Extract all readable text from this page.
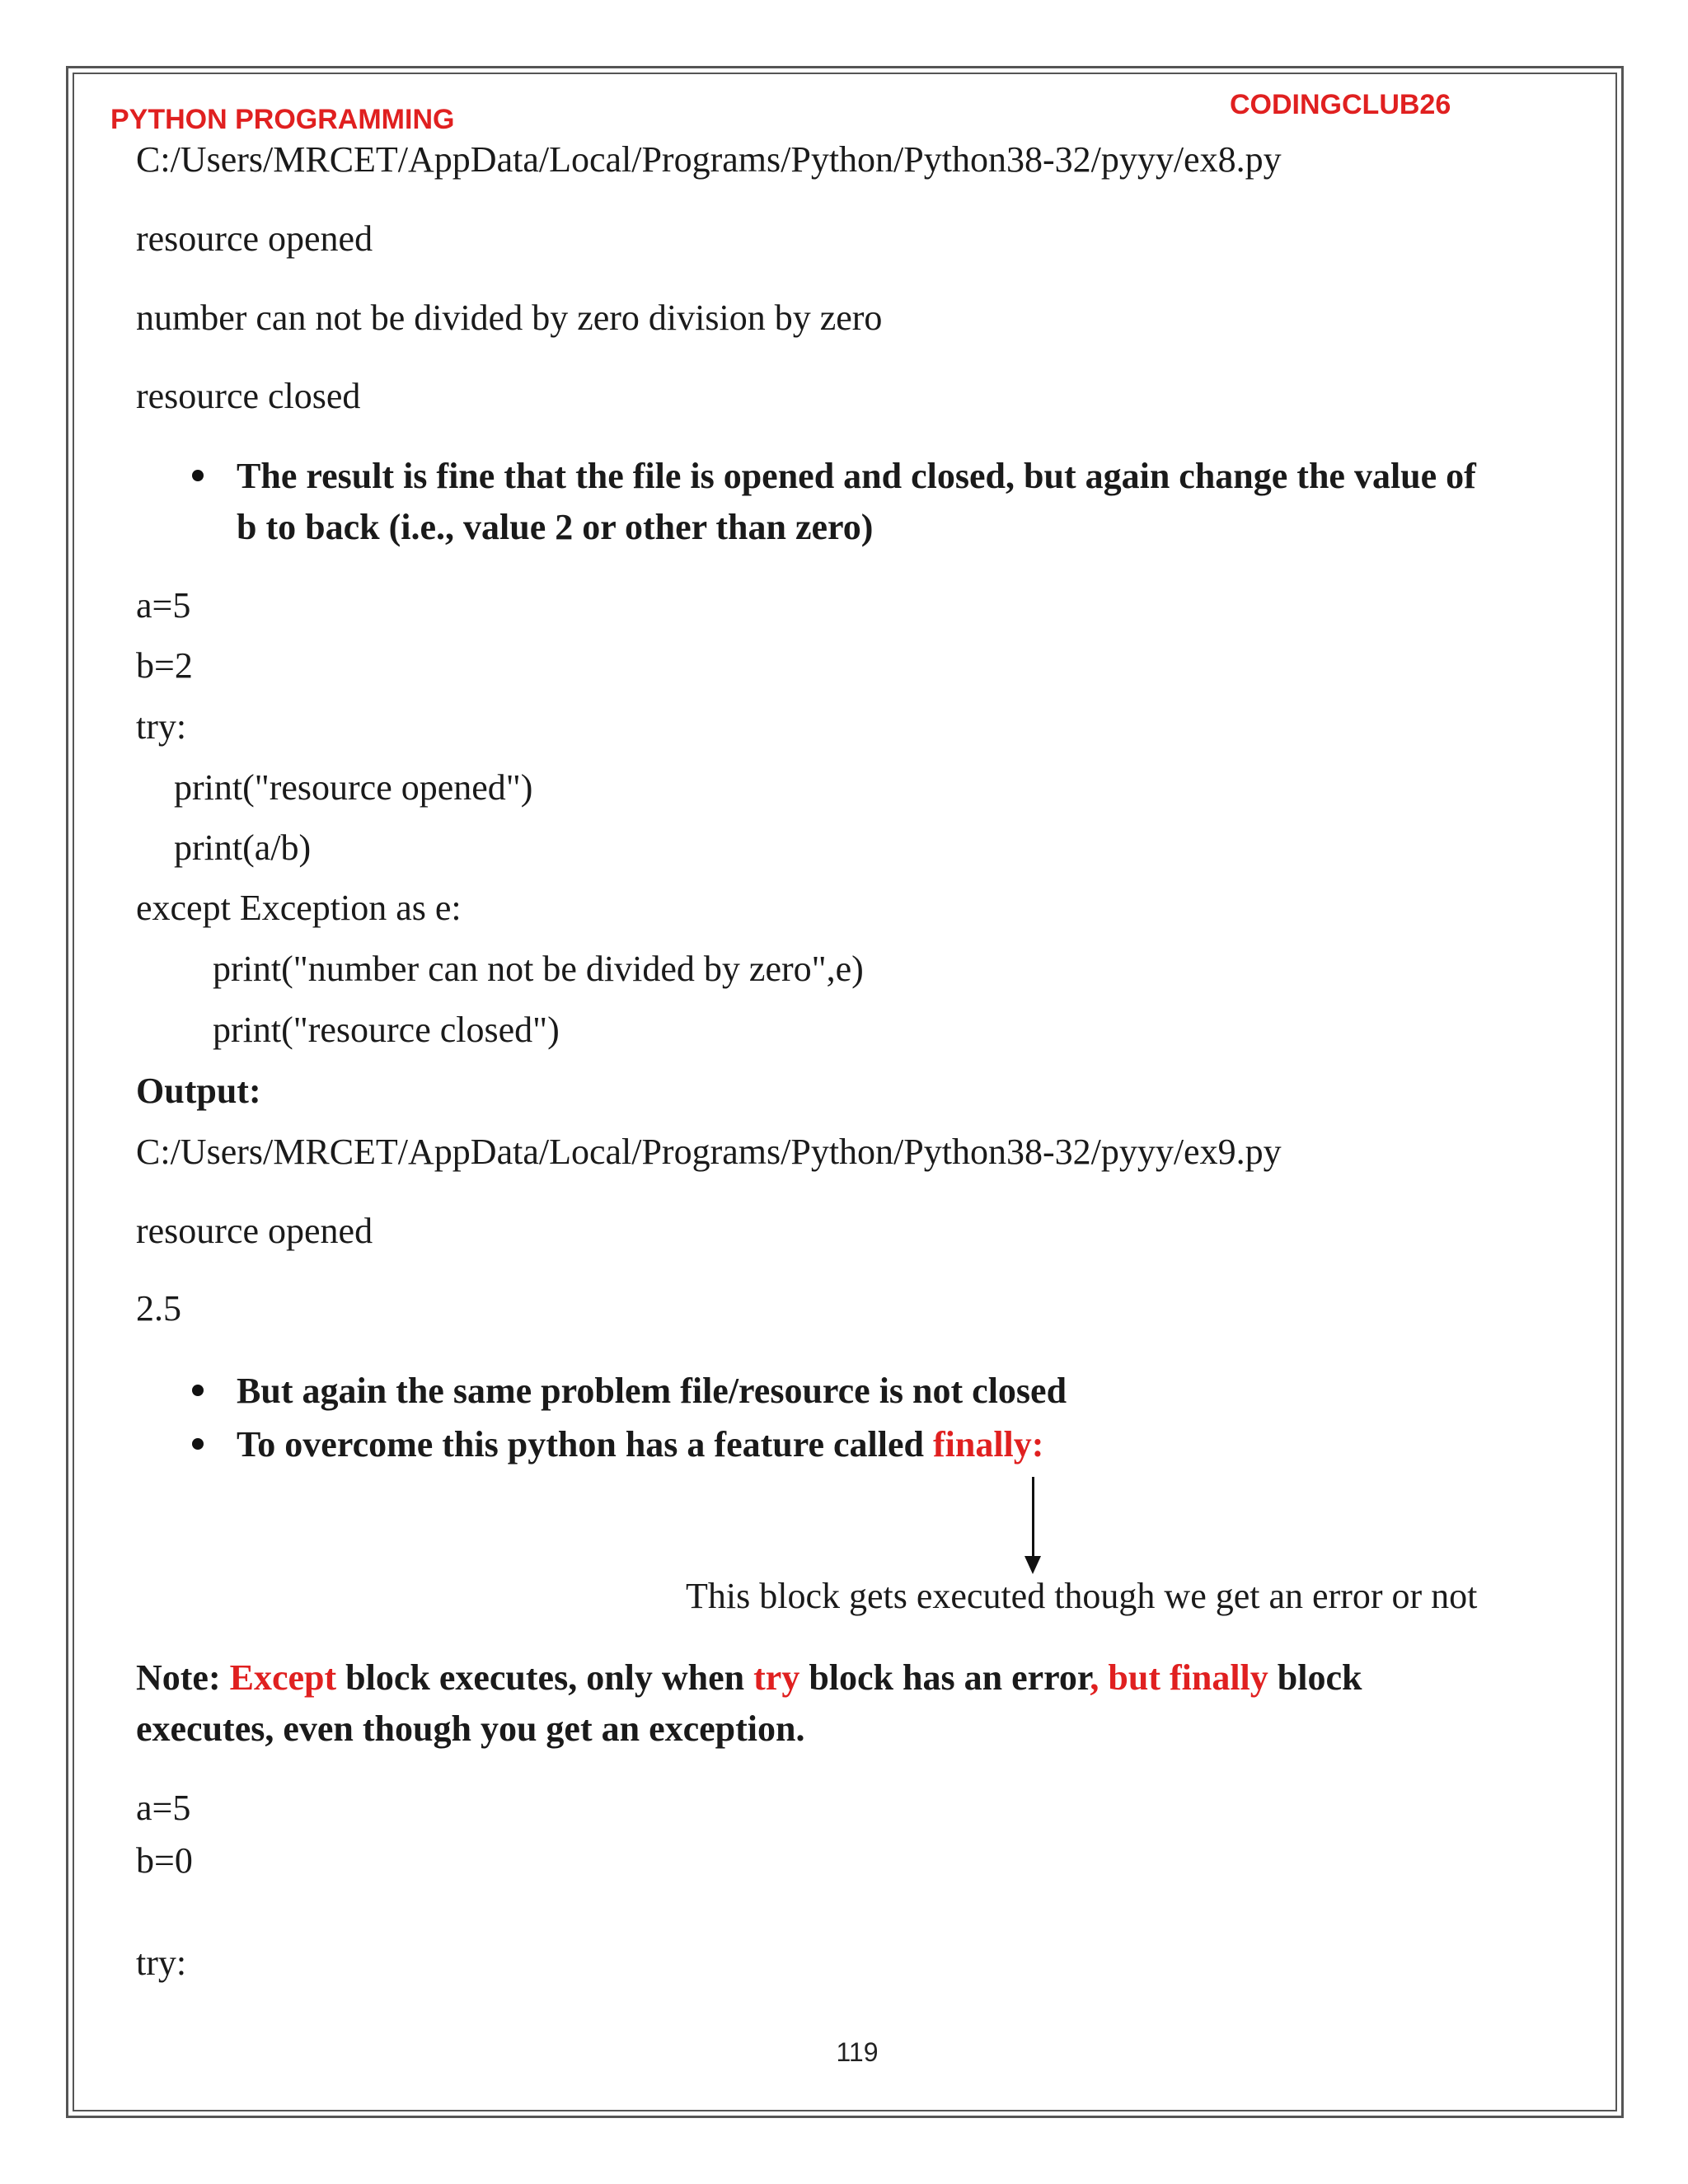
PYTHON PROGRAMMING	CODINGCLUB26
C:/Users/MRCET/AppData/Local/Programs/Python/Python38-32/pyyy/ex8.py
resource opened
number can not be divided by zero division by zero
resource closed
The result is fine that the file is opened and closed, but again change the value of
b to back (i.e., value 2 or other than zero)
a=5
b=2
try:
print("resource opened")
print(a/b)
except Exception as e:
print("number can not be divided by zero",e)
print("resource closed")
Output:
C:/Users/MRCET/AppData/Local/Programs/Python/Python38-32/pyyy/ex9.py
resource opened
2.5
But again the same problem file/resource is not closed
To overcome this python has a feature called finally:
This block gets executed though we get an error or not
Note: Except block executes, only when try block has an error, but finally block
executes, even though you get an exception.
a=5
b=0
try:
119
